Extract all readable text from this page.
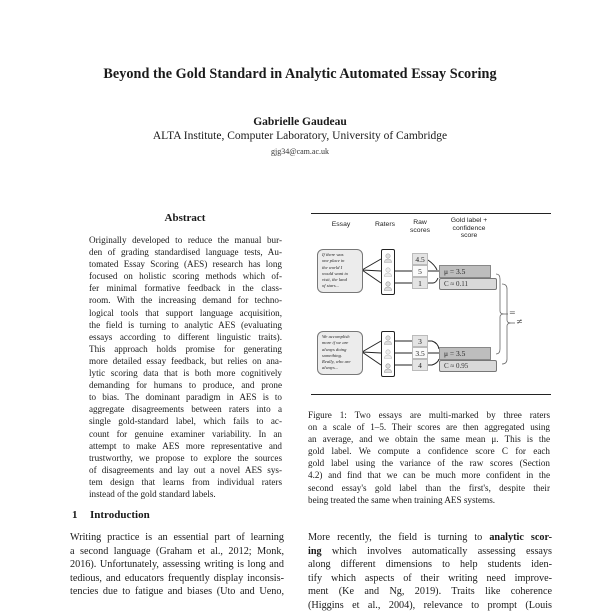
Beyond the Gold Standard in Analytic Automated Essay Scoring
Gabrielle Gaudeau
ALTA Institute, Computer Laboratory, University of Cambridge
gjg34@cam.ac.uk
Abstract
Originally developed to reduce the manual bur-
den of grading standardised language tests, Au-
tomated Essay Scoring (AES) research has long
focused on holistic scoring methods which of-
fer minimal formative feedback in the class-
room. With the increasing demand for techno-
logical tools that support language acquisition,
the field is turning to analytic AES (evaluating
essays according to different linguistic traits).
This approach holds promise for generating
more detailed essay feedback, but relies on ana-
lytic scoring data that is both more cognitively
demanding for humans to produce, and prone
to bias. The dominant paradigm in AES is to
aggregate disagreements between raters into a
single gold-standard label, which fails to ac-
count for genuine examiner variability. In an
attempt to make AES more representative and
trustworthy, we propose to explore the sources
of disagreements and lay out a novel AES sys-
tem design that learns from individual raters
instead of the gold standard labels.
1 Introduction
Writing practice is an essential part of learning
a second language (Graham et al., 2012; Monk,
2016). Unfortunately, assessing writing is long and
tedious, and educators frequently display inconsis-
tencies due to fatigue and biases (Uto and Ueno,
Essay	Raters	Raw
scores
Gold label +
confidence
score
If there was
one place in
the world I
would want to
visit, the land
of stars...
4.5
5
1
μ = 3.5
C ≈ 0.11
We accomplish
more if we are
always doing
something.
Really, who are
always...
3
3.5
4
μ = 3.5
C ≈ 0.95
=
≠
Figure 1: Two essays are multi-marked by three raters
on a scale of 1–5. Their scores are then aggregated using
an average, and we obtain the same mean μ. This is the
gold label. We compute a confidence score C for each
gold label using the variance of the raw scores (Section
4.2) and find that we can be much more confident in the
second essay's gold label than the first's, despite their
being treated the same when training AES systems.
More recently, the field is turning to analytic scor-
ing which involves automatically assessing essays
along different dimensions to help students iden-
tify which aspects of their writing need improve-
ment (Ke and Ng, 2019). Traits like coherence
(Higgins et al., 2004), relevance to prompt (Louis
